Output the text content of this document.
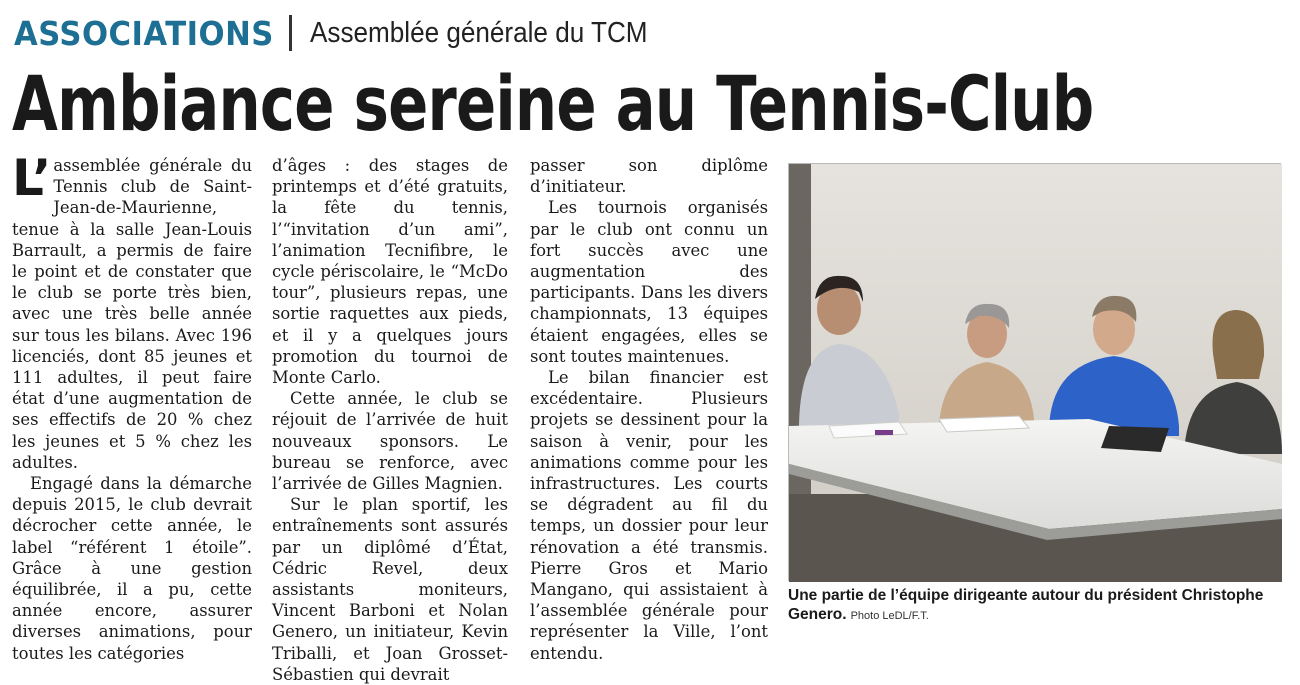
ASSOCIATIONS Assemblée générale du TCM
Ambiance sereine au Tennis-Club

L’ assemblée générale du Tennis club de Saint-Jean-de-Maurienne, tenue à la salle Jean-Louis Barrault, a permis de faire le point et de constater que le club se porte très bien, avec une très belle année sur tous les bilans. Avec 196 licenciés, dont 85 jeunes et 111 adultes, il peut faire état d’une augmentation de ses effectifs de 20 % chez les jeunes et 5 % chez les adultes.

Engagé dans la démarche depuis 2015, le club devrait décrocher cette année, le label “référent 1 étoile”. Grâce à une gestion équilibrée, il a pu, cette année encore, assurer diverses animations, pour toutes les catégories

d’âges : des stages de printemps et d’été gratuits, la fête du tennis, l’“invitation d’un ami”, l’animation Tecnifibre, le cycle périscolaire, le “McDo tour”, plusieurs repas, une sortie raquettes aux pieds, et il y a quelques jours promotion du tournoi de Monte Carlo.

Cette année, le club se réjouit de l’arrivée de huit nouveaux sponsors. Le bureau se renforce, avec l’arrivée de Gilles Magnien.

Sur le plan sportif, les entraînements sont assurés par un diplômé d’État, Cédric Revel, deux assistants moniteurs, Vincent Barboni et Nolan Genero, un initiateur, Kevin Triballi, et Joan Grosset-Sébastien qui devrait

passer son diplôme d’initiateur.

Les tournois organisés par le club ont connu un fort succès avec une augmentation des participants. Dans les divers championnats, 13 équipes étaient engagées, elles se sont toutes maintenues.

Le bilan financier est excédentaire. Plusieurs projets se dessinent pour la saison à venir, pour les animations comme pour les infrastructures. Les courts se dégradent au fil du temps, un dossier pour leur rénovation a été transmis. Pierre Gros et Mario Mangano, qui assistaient à l’assemblée générale pour représenter la Ville, l’ont entendu.

Une partie de l’équipe dirigeante autour du président Christophe Genero. Photo LeDL/F.T.
